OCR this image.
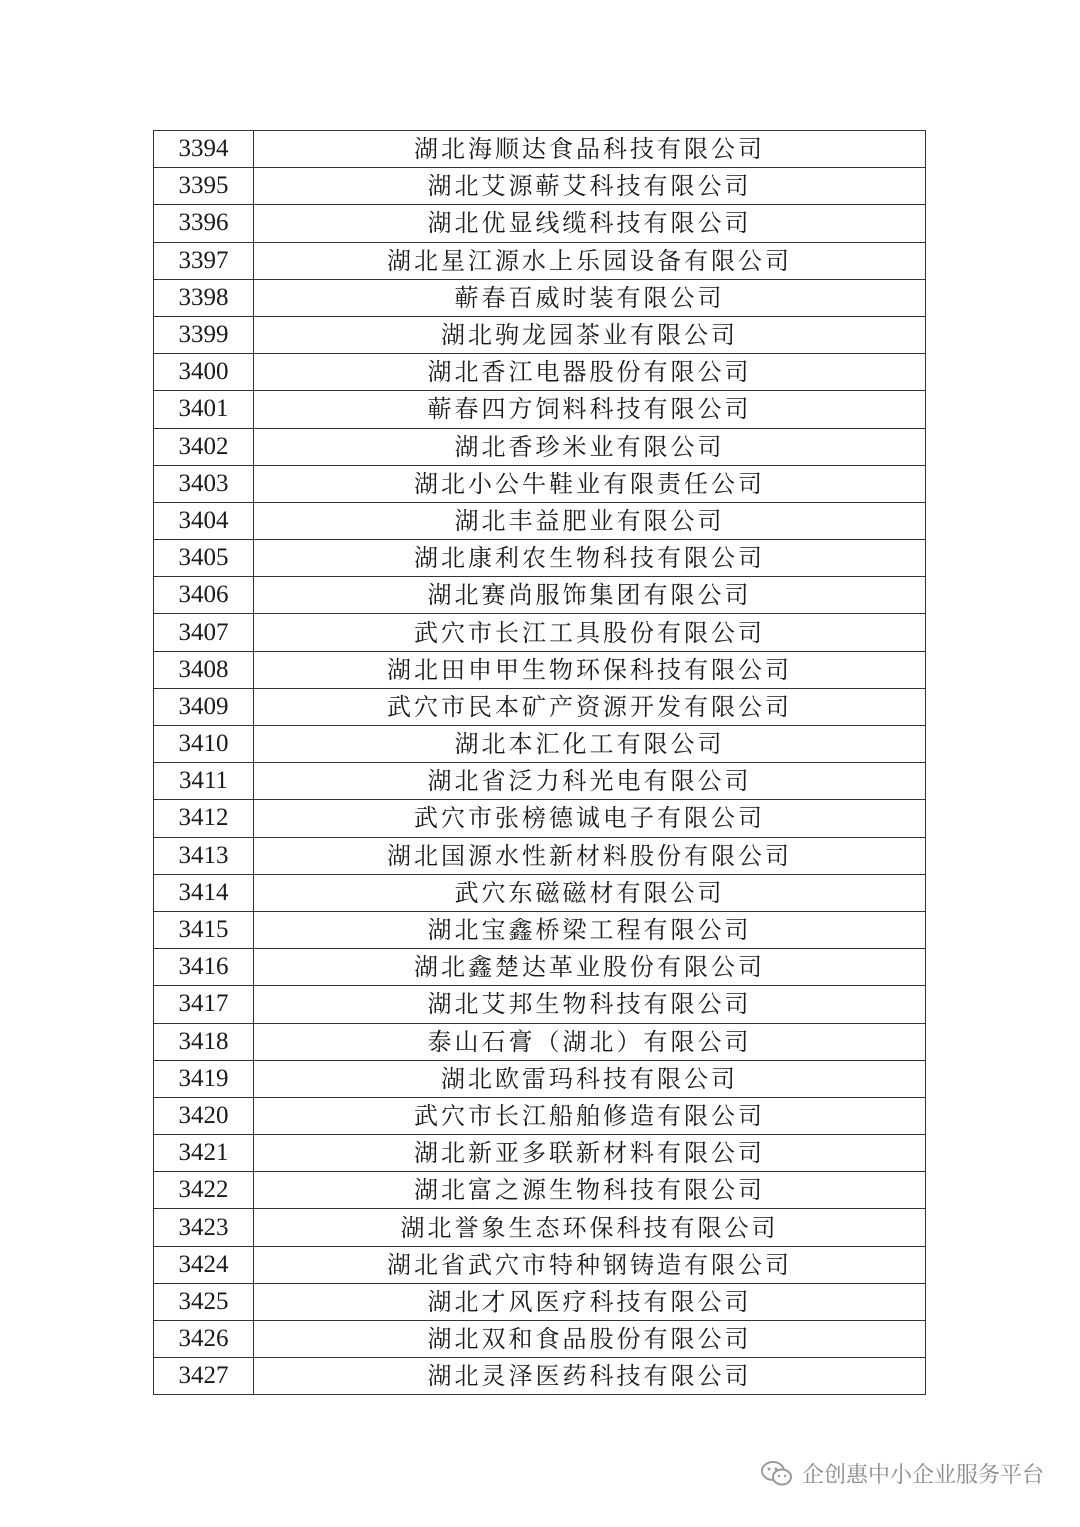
3394	湖北海顺达食品科技有限公司
3395	湖北艾源蕲艾科技有限公司
3396	湖北优显线缆科技有限公司
3397	湖北星江源水上乐园设备有限公司
3398	蕲春百威时装有限公司
3399	湖北驹龙园茶业有限公司
3400	湖北香江电器股份有限公司
3401	蕲春四方饲料科技有限公司
3402	湖北香珍米业有限公司
3403	湖北小公牛鞋业有限责任公司
3404	湖北丰益肥业有限公司
3405	湖北康利农生物科技有限公司
3406	湖北赛尚服饰集团有限公司
3407	武穴市长江工具股份有限公司
3408	湖北田申甲生物环保科技有限公司
3409	武穴市民本矿产资源开发有限公司
3410	湖北本汇化工有限公司
3411	湖北省泛力科光电有限公司
3412	武穴市张榜德诚电子有限公司
3413	湖北国源水性新材料股份有限公司
3414	武穴东磁磁材有限公司
3415	湖北宝鑫桥梁工程有限公司
3416	湖北鑫楚达革业股份有限公司
3417	湖北艾邦生物科技有限公司
3418	泰山石膏（湖北）有限公司
3419	湖北欧雷玛科技有限公司
3420	武穴市长江船舶修造有限公司
3421	湖北新亚多联新材料有限公司
3422	湖北富之源生物科技有限公司
3423	湖北誉象生态环保科技有限公司
3424	湖北省武穴市特种钢铸造有限公司
3425	湖北才风医疗科技有限公司
3426	湖北双和食品股份有限公司
3427	湖北灵泽医药科技有限公司
企创惠中小企业服务平台
